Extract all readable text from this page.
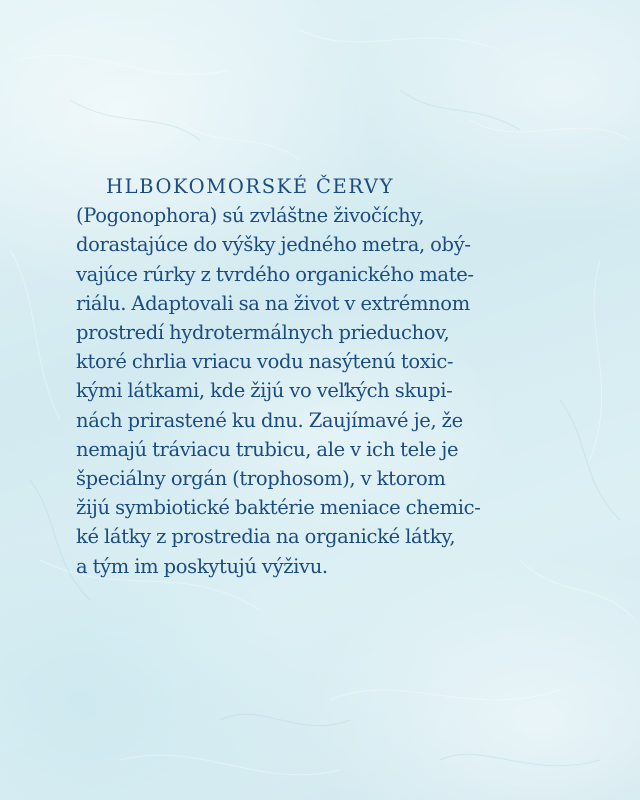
HLBOKOMORSKÉ ČERVY
(Pogonophora) sú zvláštne živočíchy,
dorastajúce do výšky jedného metra, obý-
vajúce rúrky z tvrdého organického mate-
riálu. Adaptovali sa na život v extrémnom
prostredí hydrotermálnych prieduchov,
ktoré chrlia vriacu vodu nasýtenú toxic-
kými látkami, kde žijú vo veľkých skupi-
nách prirastené ku dnu. Zaujímavé je, že
nemajú tráviacu trubicu, ale v ich tele je
špeciálny orgán (trophosom), v ktorom
žijú symbiotické baktérie meniace chemic-
ké látky z prostredia na organické látky,
a tým im poskytujú výživu.
